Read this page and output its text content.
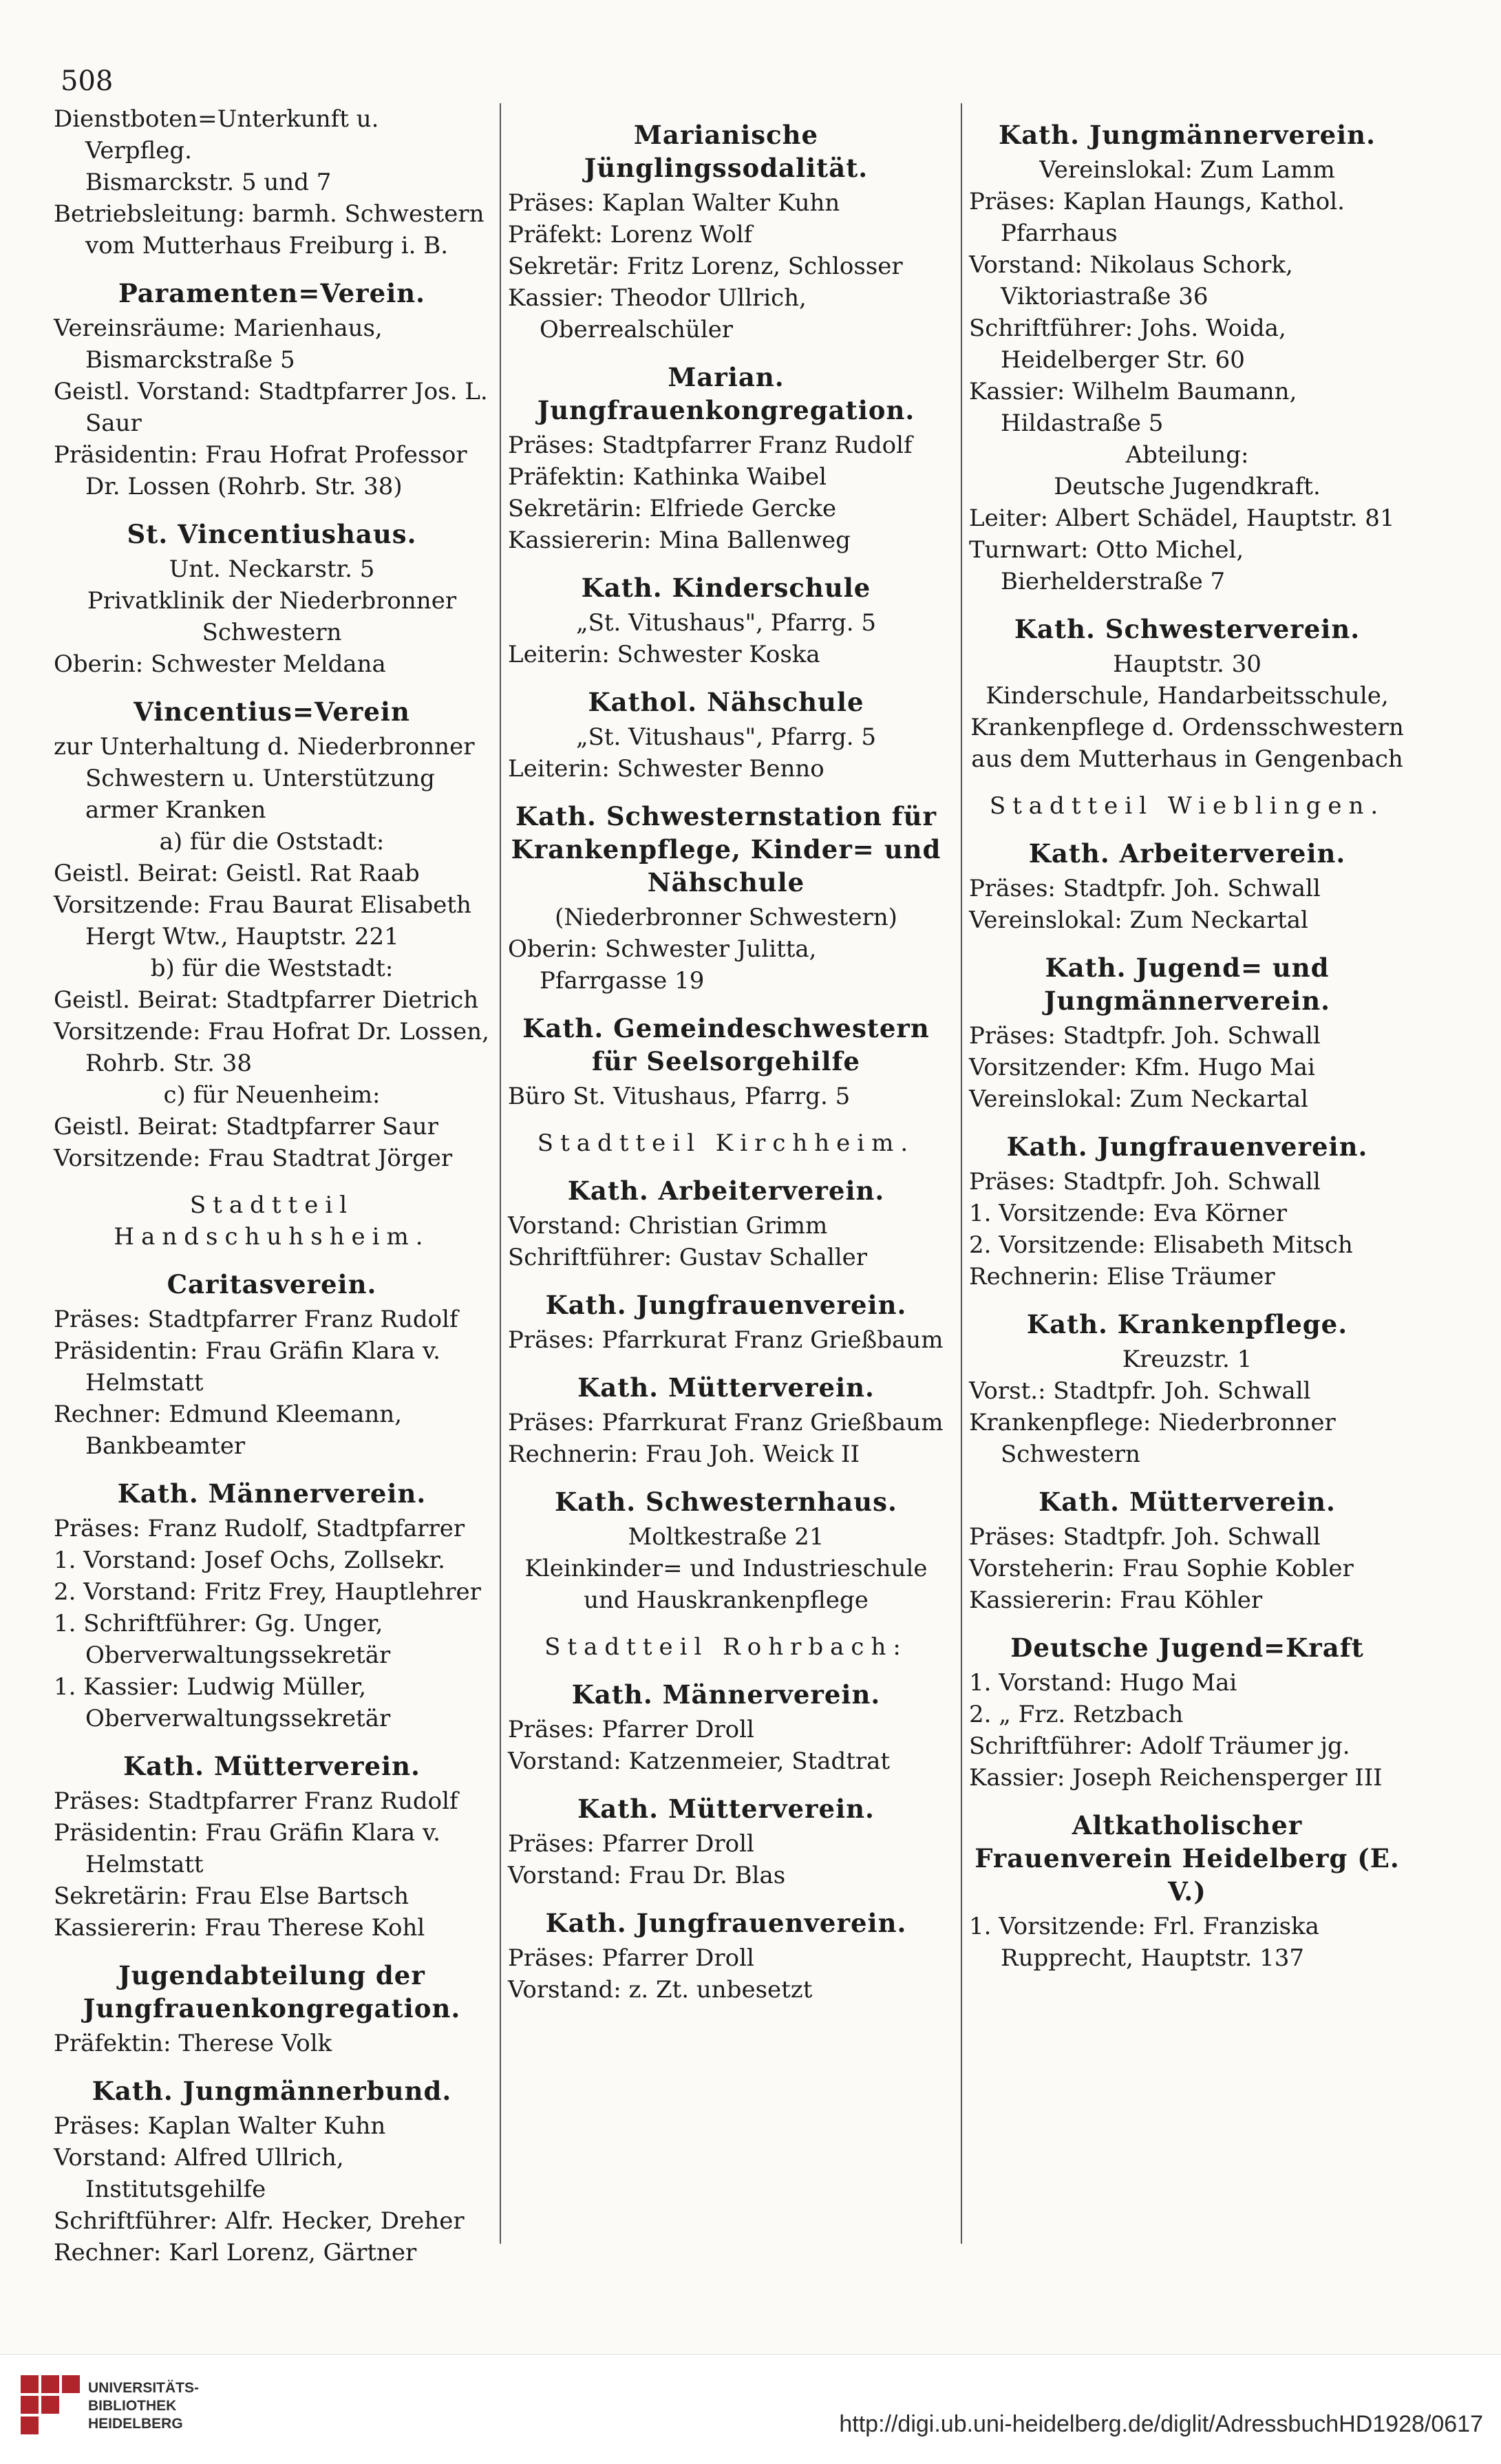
508

Dienstboten=Unterkunft u. Verpfleg.

Bismarckstr. 5 und 7

Betriebsleitung: barmh. Schwestern vom Mutterhaus Freiburg i. B.

Paramenten=Verein.

Vereinsräume: Marienhaus, Bismarckstraße 5

Geistl. Vorstand: Stadtpfarrer Jos. L. Saur

Präsidentin: Frau Hofrat Professor Dr. Lossen (Rohrb. Str. 38)

St. Vincentiushaus.

Unt. Neckarstr. 5

Privatklinik der Niederbronner Schwestern

Oberin: Schwester Meldana

Vincentius=Verein

zur Unterhaltung d. Niederbronner Schwestern u. Unterstützung armer Kranken

a) für die Oststadt:

Geistl. Beirat: Geistl. Rat Raab

Vorsitzende: Frau Baurat Elisabeth Hergt Wtw., Hauptstr. 221

b) für die Weststadt:

Geistl. Beirat: Stadtpfarrer Dietrich

Vorsitzende: Frau Hofrat Dr. Lossen, Rohrb. Str. 38

c) für Neuenheim:

Geistl. Beirat: Stadtpfarrer Saur

Vorsitzende: Frau Stadtrat Jörger

Stadtteil Handschuhsheim.

Caritasverein.

Präses: Stadtpfarrer Franz Rudolf

Präsidentin: Frau Gräfin Klara v. Helmstatt

Rechner: Edmund Kleemann, Bankbeamter

Kath. Männerverein.

Präses: Franz Rudolf, Stadtpfarrer

1. Vorstand: Josef Ochs, Zollsekr.

2. Vorstand: Fritz Frey, Hauptlehrer

1. Schriftführer: Gg. Unger, Oberverwaltungssekretär

1. Kassier: Ludwig Müller, Oberverwaltungssekretär

Kath. Mütterverein.

Präses: Stadtpfarrer Franz Rudolf

Präsidentin: Frau Gräfin Klara v. Helmstatt

Sekretärin: Frau Else Bartsch

Kassiererin: Frau Therese Kohl

Jugendabteilung der Jungfrauenkongregation.

Präfektin: Therese Volk

Kath. Jungmännerbund.

Präses: Kaplan Walter Kuhn

Vorstand: Alfred Ullrich, Institutsgehilfe

Schriftführer: Alfr. Hecker, Dreher

Rechner: Karl Lorenz, Gärtner

Marianische Jünglingssodalität.

Präses: Kaplan Walter Kuhn

Präfekt: Lorenz Wolf

Sekretär: Fritz Lorenz, Schlosser

Kassier: Theodor Ullrich, Oberrealschüler

Marian. Jungfrauenkongregation.

Präses: Stadtpfarrer Franz Rudolf

Präfektin: Kathinka Waibel

Sekretärin: Elfriede Gercke

Kassiererin: Mina Ballenweg

Kath. Kinderschule

„St. Vitushaus", Pfarrg. 5

Leiterin: Schwester Koska

Kathol. Nähschule

„St. Vitushaus", Pfarrg. 5

Leiterin: Schwester Benno

Kath. Schwesternstation für Krankenpflege, Kinder= und Nähschule

(Niederbronner Schwestern)

Oberin: Schwester Julitta, Pfarrgasse 19

Kath. Gemeindeschwestern für Seelsorgehilfe

Büro St. Vitushaus, Pfarrg. 5

Stadtteil Kirchheim.

Kath. Arbeiterverein.

Vorstand: Christian Grimm

Schriftführer: Gustav Schaller

Kath. Jungfrauenverein.

Präses: Pfarrkurat Franz Grießbaum

Kath. Mütterverein.

Präses: Pfarrkurat Franz Grießbaum

Rechnerin: Frau Joh. Weick II

Kath. Schwesternhaus.

Moltkestraße 21

Kleinkinder= und Industrieschule und Hauskrankenpflege

Stadtteil Rohrbach:

Kath. Männerverein.

Präses: Pfarrer Droll

Vorstand: Katzenmeier, Stadtrat

Kath. Mütterverein.

Präses: Pfarrer Droll

Vorstand: Frau Dr. Blas

Kath. Jungfrauenverein.

Präses: Pfarrer Droll

Vorstand: z. Zt. unbesetzt

Kath. Jungmännerverein.

Vereinslokal: Zum Lamm

Präses: Kaplan Haungs, Kathol. Pfarrhaus

Vorstand: Nikolaus Schork, Viktoriastraße 36

Schriftführer: Johs. Woida, Heidelberger Str. 60

Kassier: Wilhelm Baumann, Hildastraße 5

Abteilung:

Deutsche Jugendkraft.

Leiter: Albert Schädel, Hauptstr. 81

Turnwart: Otto Michel, Bierhelderstraße 7

Kath. Schwesterverein.

Hauptstr. 30

Kinderschule, Handarbeitsschule, Krankenpflege d. Ordensschwestern aus dem Mutterhaus in Gengenbach

Stadtteil Wieblingen.

Kath. Arbeiterverein.

Präses: Stadtpfr. Joh. Schwall

Vereinslokal: Zum Neckartal

Kath. Jugend= und Jungmännerverein.

Präses: Stadtpfr. Joh. Schwall

Vorsitzender: Kfm. Hugo Mai

Vereinslokal: Zum Neckartal

Kath. Jungfrauenverein.

Präses: Stadtpfr. Joh. Schwall

1. Vorsitzende: Eva Körner

2. Vorsitzende: Elisabeth Mitsch

Rechnerin: Elise Träumer

Kath. Krankenpflege.

Kreuzstr. 1

Vorst.: Stadtpfr. Joh. Schwall

Krankenpflege: Niederbronner Schwestern

Kath. Mütterverein.

Präses: Stadtpfr. Joh. Schwall

Vorsteherin: Frau Sophie Kobler

Kassiererin: Frau Köhler

Deutsche Jugend=Kraft

1. Vorstand: Hugo Mai

2. „ Frz. Retzbach

Schriftführer: Adolf Träumer jg.

Kassier: Joseph Reichensperger III

Altkatholischer Frauenverein Heidelberg (E. V.)

1. Vorsitzende: Frl. Franziska Rupprecht, Hauptstr. 137

UNIVERSITÄTS-
BIBLIOTHEK
HEIDELBERG	http://digi.ub.uni-heidelberg.de/diglit/AdressbuchHD1928/0617
